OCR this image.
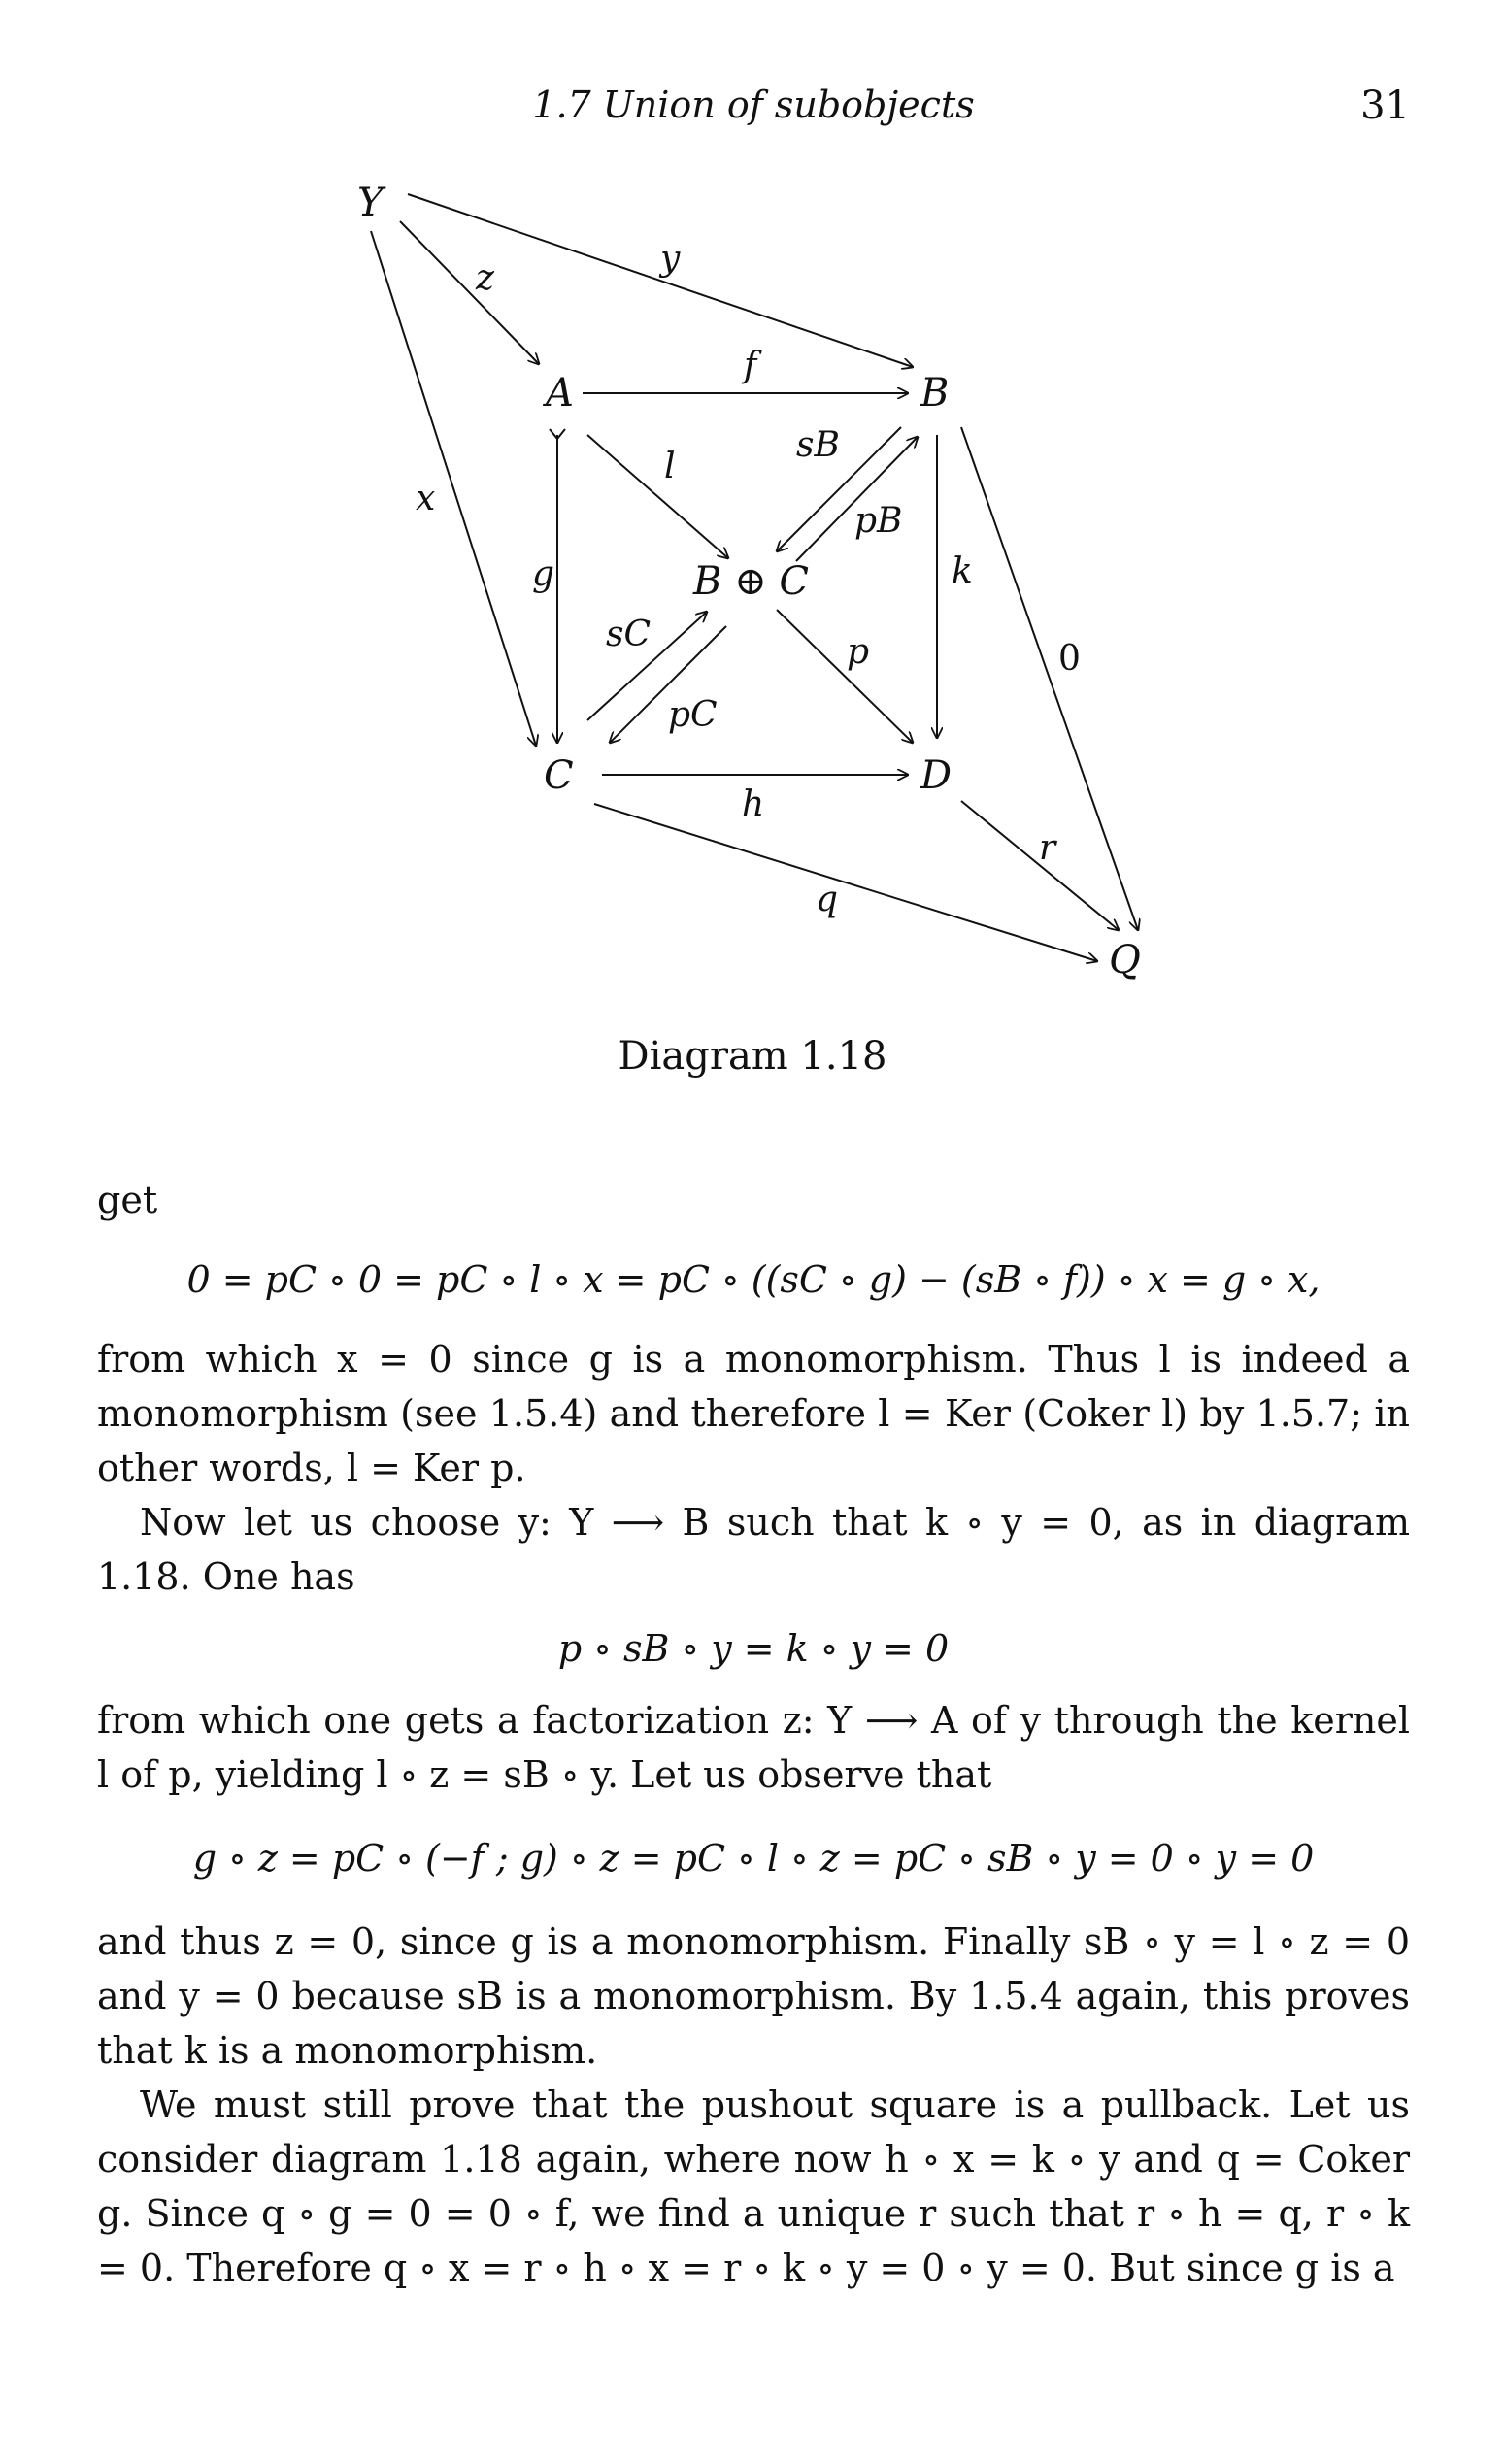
1.7 Union of subobjects	31
Y
A	B
B ⊕ C
C	D
Q
y
z
f
x
g
l
sB
pB
k
sC
pC
p	0
h
r
q
Diagram 1.18

get

0 = pC ∘ 0 = pC ∘ l ∘ x = pC ∘ ((sC ∘ g) − (sB ∘ f)) ∘ x = g ∘ x,

from which x = 0 since g is a monomorphism. Thus l is indeed a monomorphism (see 1.5.4) and therefore l = Ker (Coker l) by 1.5.7; in other words, l = Ker p.

Now let us choose y: Y ⟶ B such that k ∘ y = 0, as in diagram 1.18. One has

p ∘ sB ∘ y = k ∘ y = 0

from which one gets a factorization z: Y ⟶ A of y through the kernel l of p, yielding l ∘ z = sB ∘ y. Let us observe that

g ∘ z = pC ∘ (−f ; g) ∘ z = pC ∘ l ∘ z = pC ∘ sB ∘ y = 0 ∘ y = 0

and thus z = 0, since g is a monomorphism. Finally sB ∘ y = l ∘ z = 0 and y = 0 because sB is a monomorphism. By 1.5.4 again, this proves that k is a monomorphism.

We must still prove that the pushout square is a pullback. Let us consider diagram 1.18 again, where now h ∘ x = k ∘ y and q = Coker g. Since q ∘ g = 0 = 0 ∘ f, we find a unique r such that r ∘ h = q, r ∘ k = 0. Therefore q ∘ x = r ∘ h ∘ x = r ∘ k ∘ y = 0 ∘ y = 0. But since g is a
